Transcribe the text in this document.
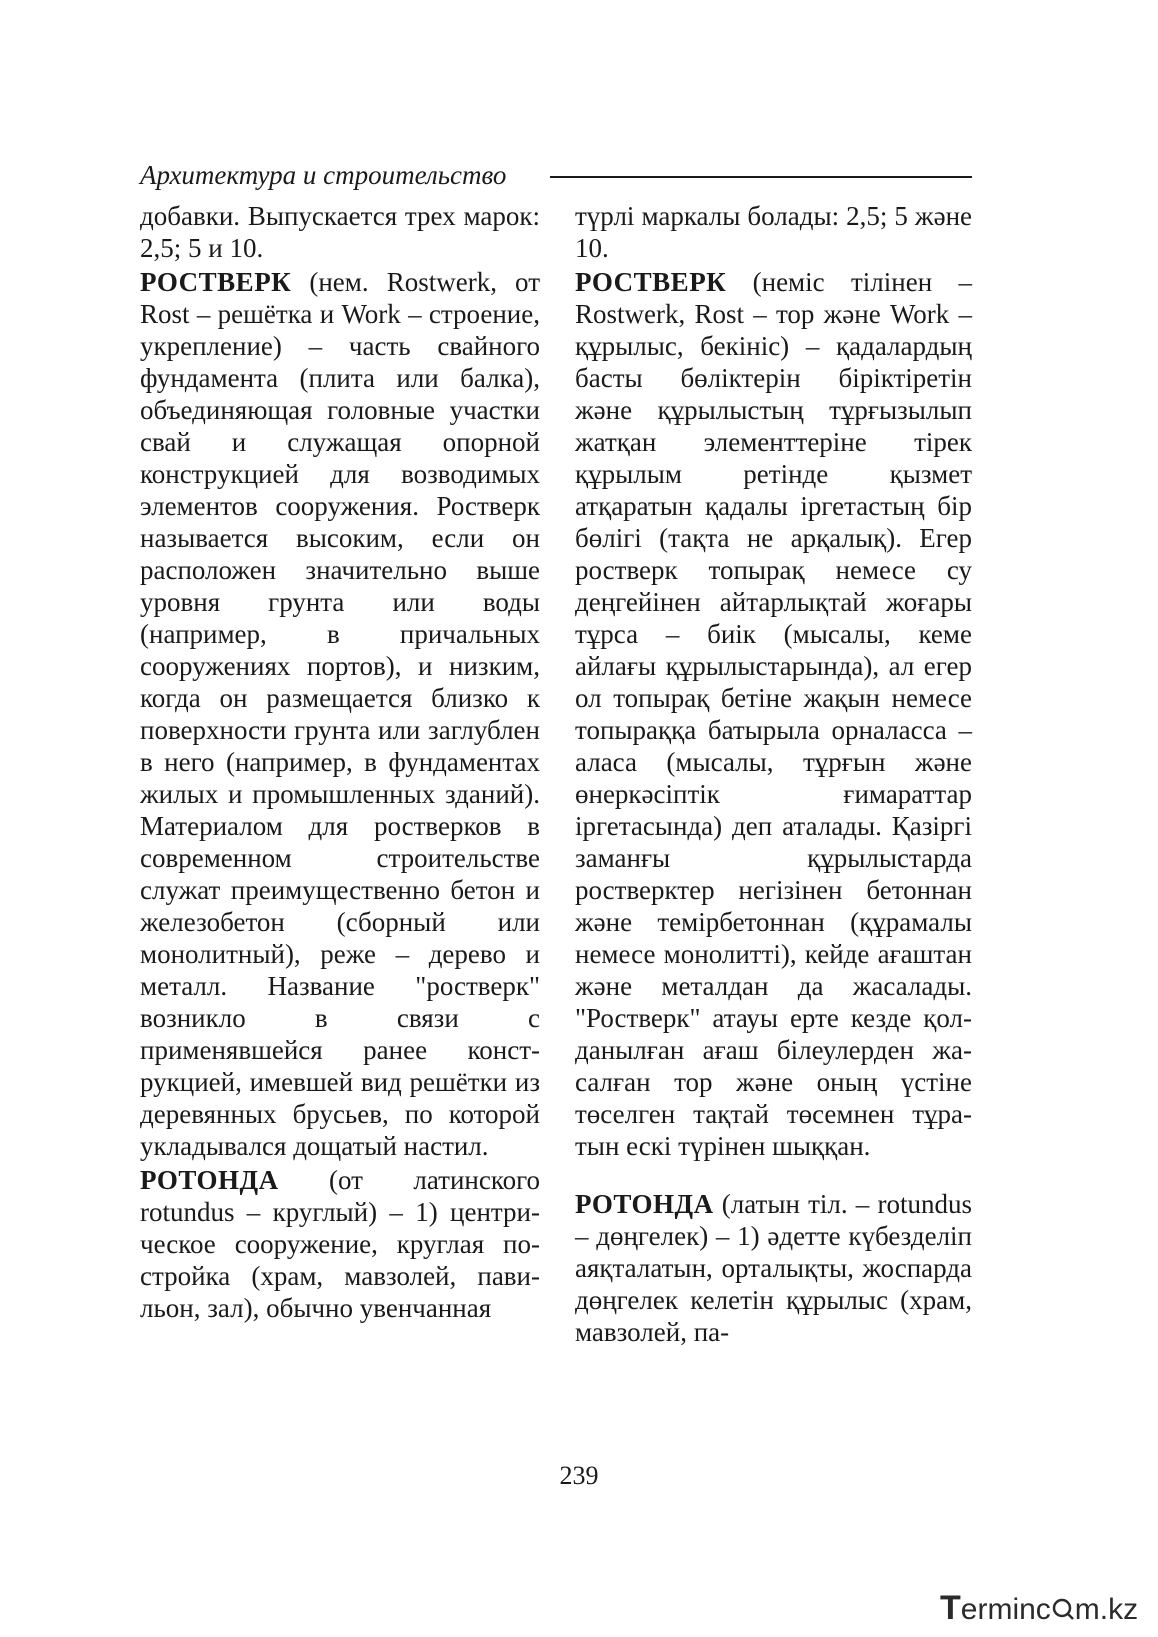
Архитектура и строительство

добавки. Выпускается трех марок: 2,5; 5 и 10.

РОСТВЕРК (нем. Rostwerk, от Rost – решётка и Work – строение, укрепление) – часть свайного фундамента (плита или балка), объединяющая головные участки свай и служащая опорной конструкцией для возводимых элементов сооружения. Ростверк называется высоким, если он расположен значительно выше уровня грунта или воды (например, в причальных сооружениях портов), и низким, когда он размещается близко к поверхности грунта или заглублен в него (например, в фундаментах жилых и промышленных зданий). Материалом для ростверков в современном строительстве служат преимущественно бетон и железобетон (сборный или монолитный), реже – дерево и металл. Название "ростверк" возникло в связи с применявшейся ранее конструкцией, имевшей вид решётки из деревянных брусьев, по которой укладывался дощатый настил.

РОТОНДА (от латинского rotundus – круглый) – 1) центрическое сооружение, круглая постройка (храм, мавзолей, павильон, зал), обычно увенчанная

түрлі маркалы болады: 2,5; 5 және 10.

РОСТВЕРК (неміс тілінен – Rostwerk, Rost – тор және Work – құрылыс, бекініс) – қадалардың басты бөліктерін біріктіретін және құрылыстың тұрғызылып жатқан элементтеріне тірек құрылым ретінде қызмет атқаратын қадалы іргетастың бір бөлігі (тақта не арқалық). Егер ростверк топырақ немесе су деңгейінен айтарлықтай жоғары тұрса – биік (мысалы, кеме айлағы құрылыстарында), ал егер ол топырақ бетіне жақын немесе топыраққа батырыла орналасса – аласа (мысалы, тұрғын және өнеркәсіптік ғимараттар іргетасында) деп аталады. Қазіргі заманғы құрылыстарда ростверктер негізінен бетоннан және темірбетоннан (құрамалы немесе монолитті), кейде ағаштан және металдан да жасалады. "Ростверк" атауы ерте кезде қолданылған ағаш білеулерден жасалған тор және оның үстіне төселген тақтай төсемнен тұратын ескі түрінен шыққан.

РОТОНДА (латын тіл. – rotundus – дөңгелек) – 1) әдетте күбезделіп аяқталатын, орталықты, жоспарда дөңгелек келетін құрылыс (храм, мавзолей, па-

239
Terminc m.kz
